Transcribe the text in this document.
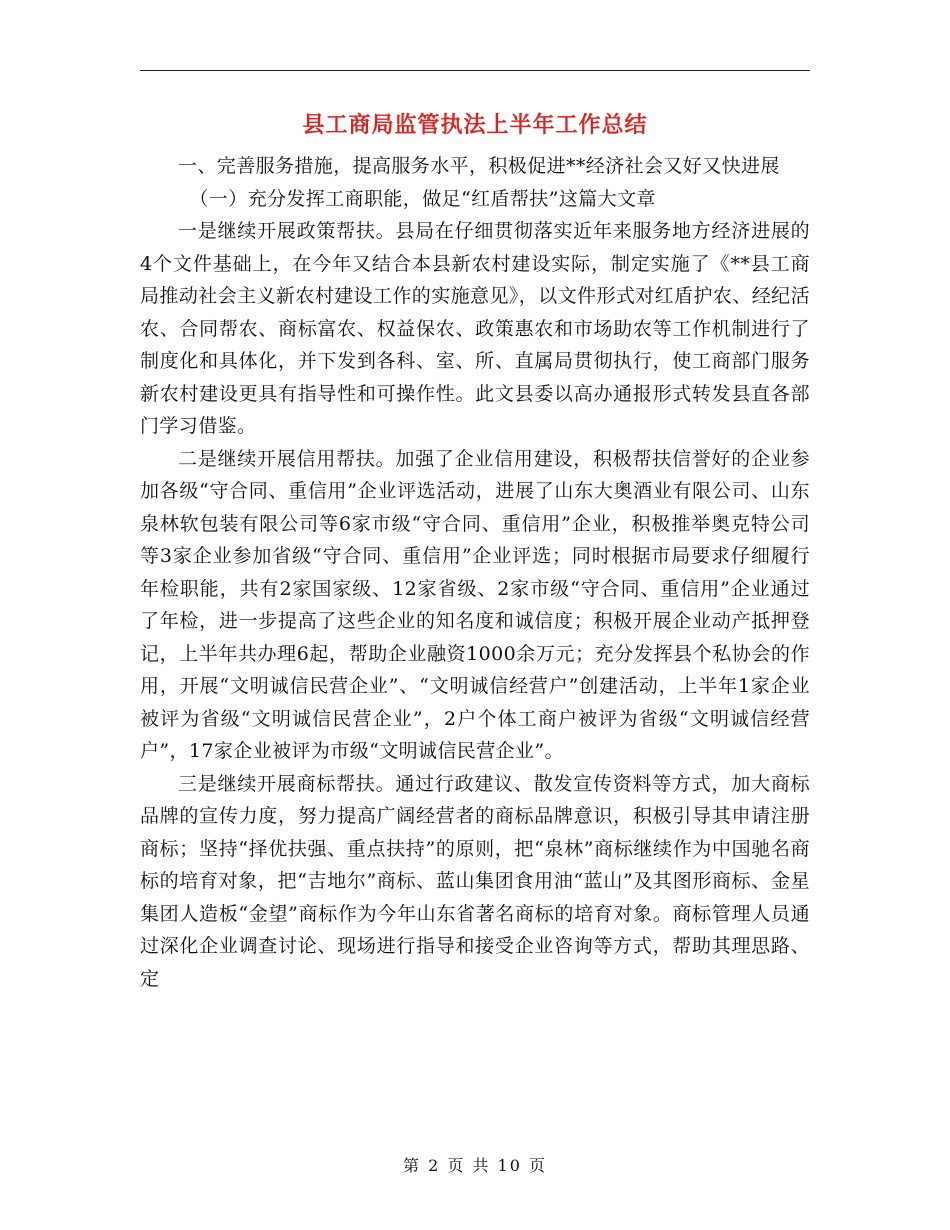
县工商局监管执法上半年工作总结

一、完善服务措施，提高服务水平，积极促进**经济社会又好又快进展

（一）充分发挥工商职能，做足“红盾帮扶”这篇大文章

一是继续开展政策帮扶。县局在仔细贯彻落实近年来服务地方经济进展的4个文件基础上，在今年又结合本县新农村建设实际，制定实施了《**县工商局推动社会主义新农村建设工作的实施意见》，以文件形式对红盾护农、经纪活农、合同帮农、商标富农、权益保农、政策惠农和市场助农等工作机制进行了制度化和具体化，并下发到各科、室、所、直属局贯彻执行，使工商部门服务新农村建设更具有指导性和可操作性。此文县委以高办通报形式转发县直各部门学习借鉴。

二是继续开展信用帮扶。加强了企业信用建设，积极帮扶信誉好的企业参加各级“守合同、重信用”企业评选活动，进展了山东大奥酒业有限公司、山东泉林软包装有限公司等6家市级“守合同、重信用”企业，积极推举奥克特公司等3家企业参加省级“守合同、重信用”企业评选；同时根据市局要求仔细履行年检职能，共有2家国家级、12家省级、2家市级“守合同、重信用”企业通过了年检，进一步提高了这些企业的知名度和诚信度；积极开展企业动产抵押登记，上半年共办理6起，帮助企业融资1000余万元；充分发挥县个私协会的作用，开展“文明诚信民营企业”、“文明诚信经营户”创建活动，上半年1家企业被评为省级“文明诚信民营企业”，2户个体工商户被评为省级“文明诚信经营户”，17家企业被评为市级“文明诚信民营企业”。

三是继续开展商标帮扶。通过行政建议、散发宣传资料等方式，加大商标品牌的宣传力度，努力提高广阔经营者的商标品牌意识，积极引导其申请注册商标；坚持“择优扶强、重点扶持”的原则，把“泉林”商标继续作为中国驰名商标的培育对象，把“吉地尔”商标、蓝山集团食用油“蓝山”及其图形商标、金星集团人造板“金望”商标作为今年山东省著名商标的培育对象。商标管理人员通过深化企业调查讨论、现场进行指导和接受企业咨询等方式，帮助其理思路、定

第 2 页 共 10 页
